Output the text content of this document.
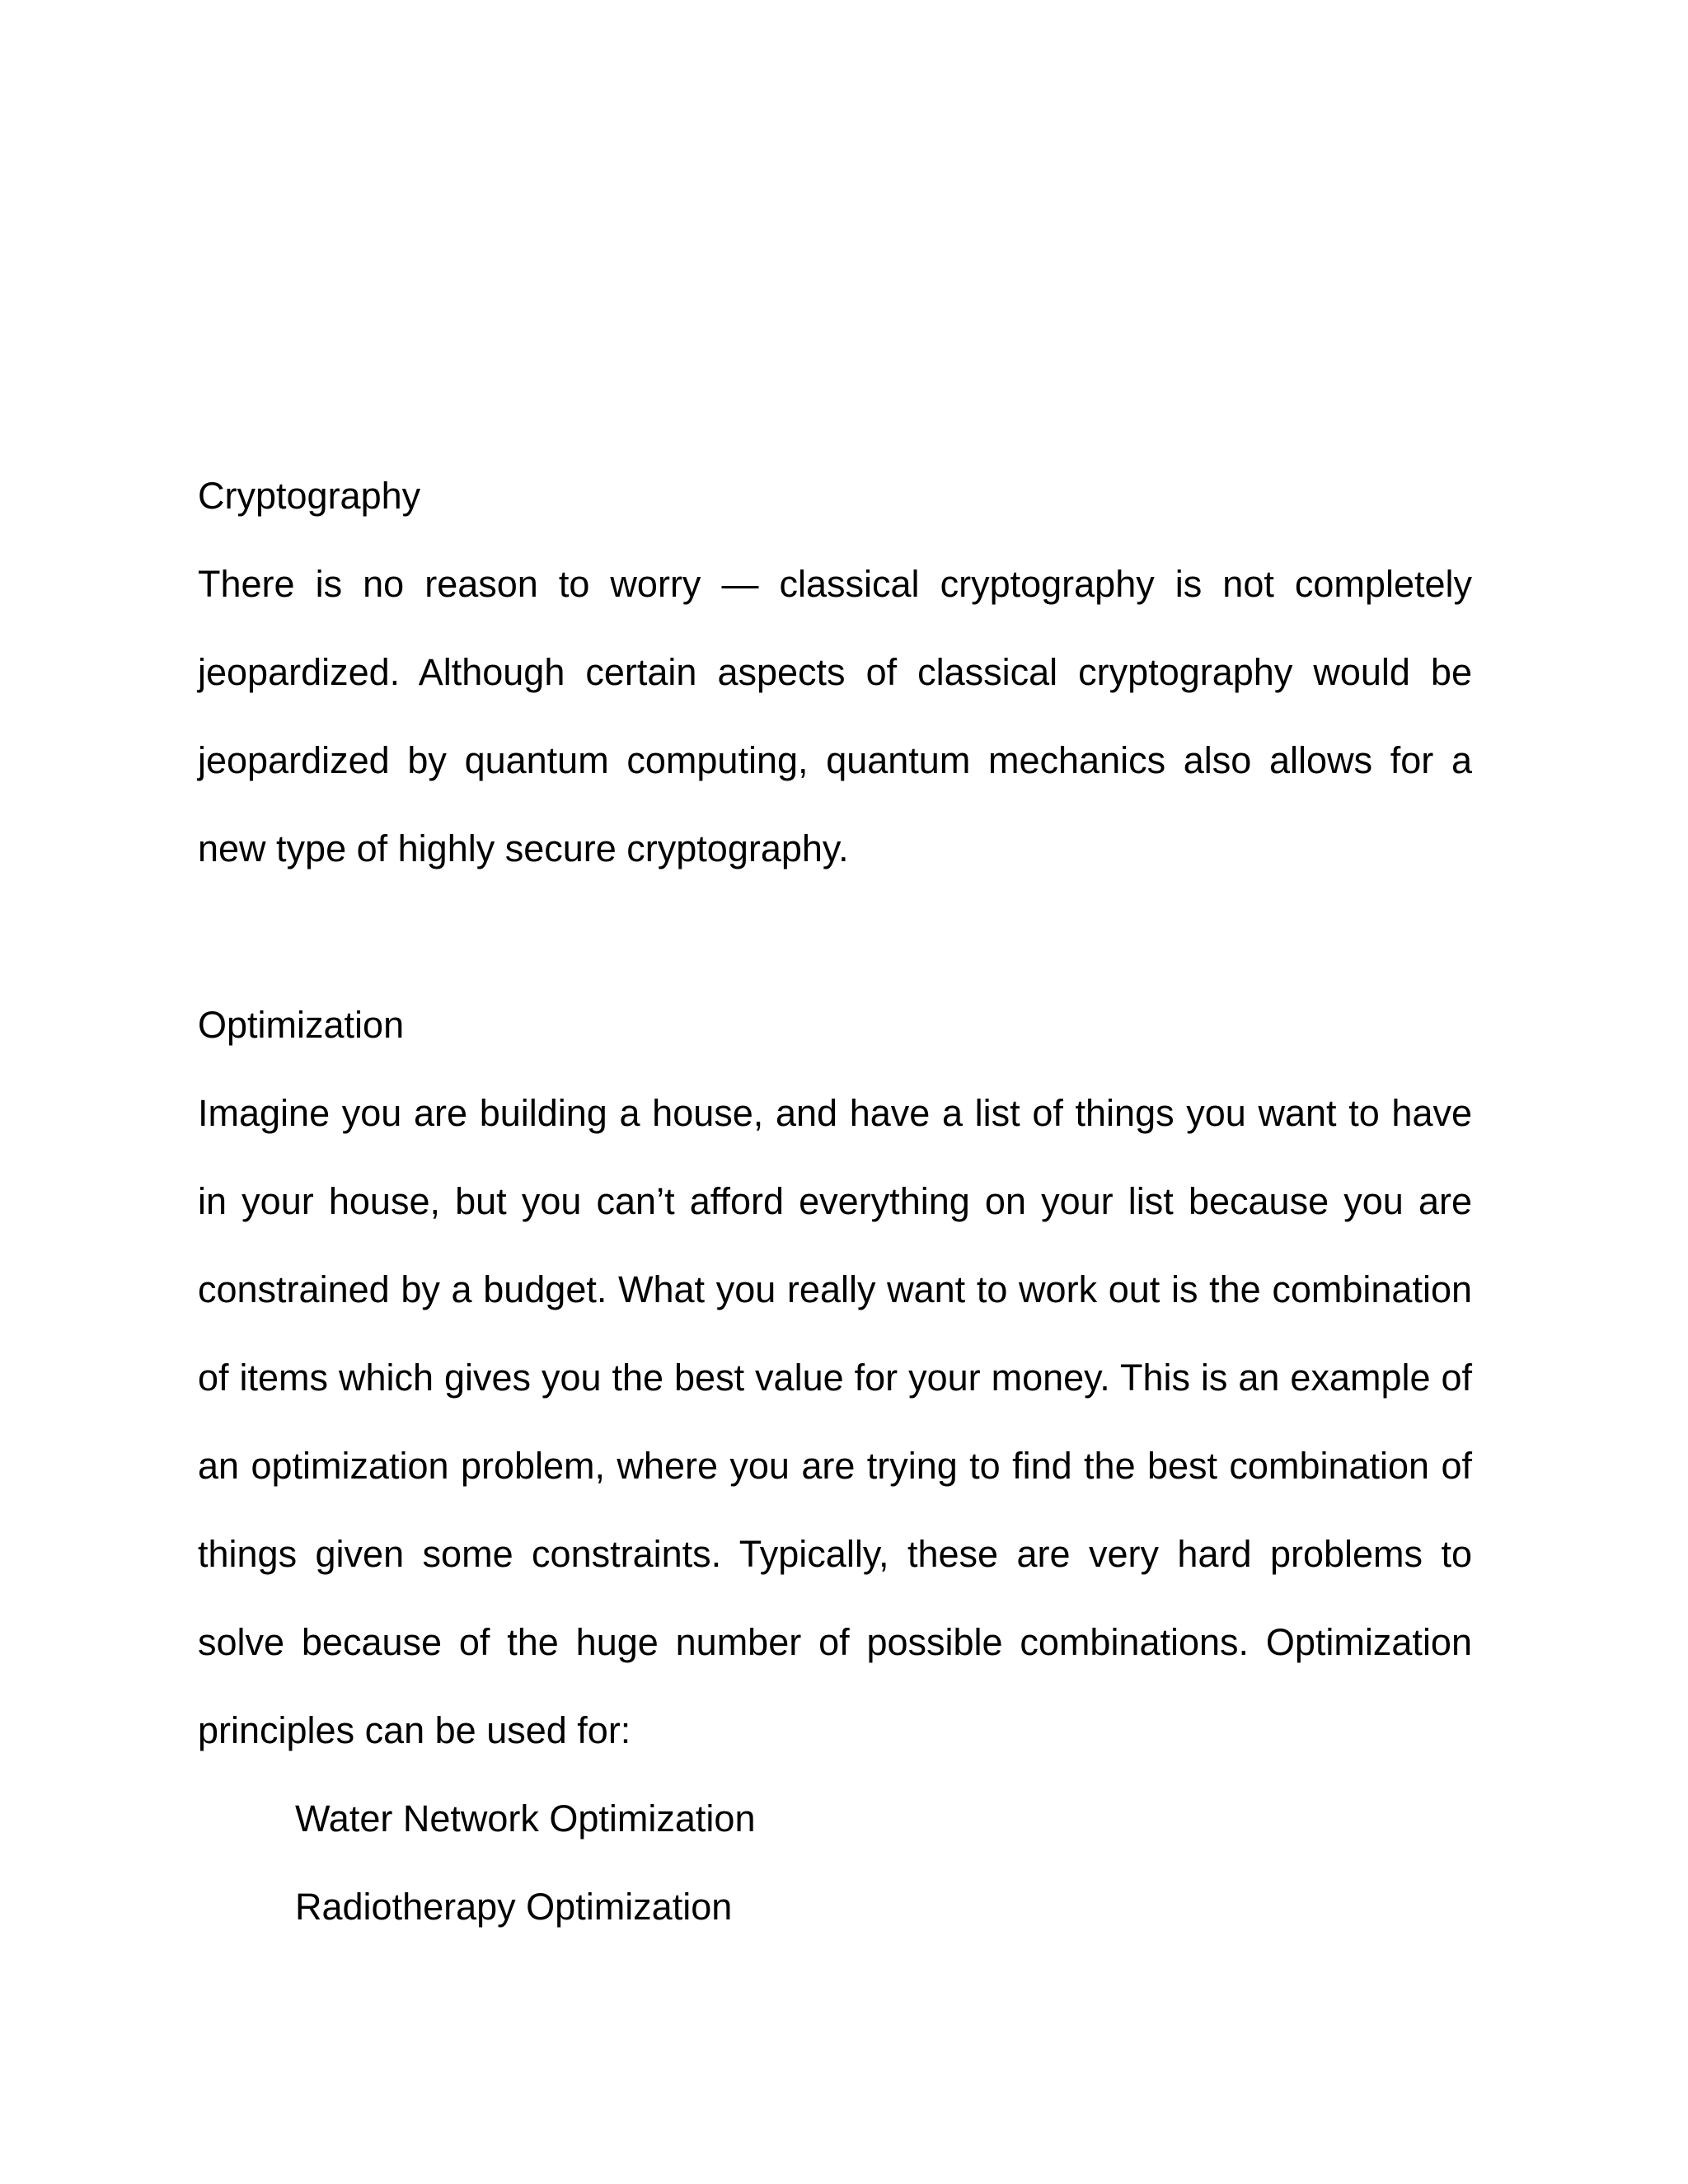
Cryptography

There is no reason to worry — classical cryptography is not completely jeopardized. Although certain aspects of classical cryptography would be jeopardized by quantum computing, quantum mechanics also allows for a new type of highly secure cryptography.

Optimization

Imagine you are building a house, and have a list of things you want to have in your house, but you can’t afford everything on your list because you are constrained by a budget. What you really want to work out is the combination of items which gives you the best value for your money. This is an example of an optimization problem, where you are trying to find the best combination of things given some constraints. Typically, these are very hard problems to solve because of the huge number of possible combinations. Optimization principles can be used for:

Water Network Optimization
Radiotherapy Optimization
